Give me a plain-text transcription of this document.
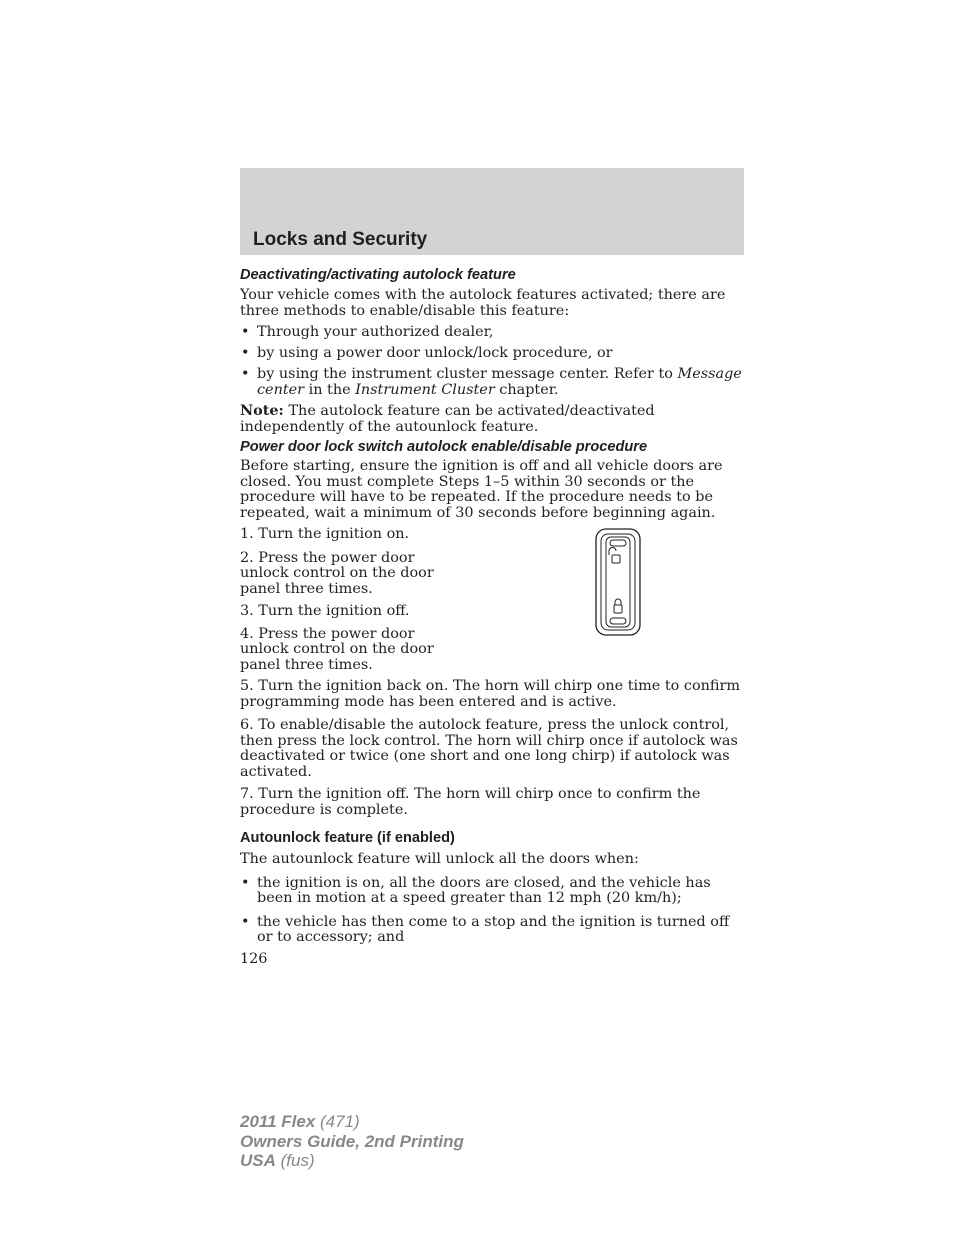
Locks and Security
Deactivating/activating autolock feature

Your vehicle comes with the autolock features activated; there are three methods to enable/disable this feature:

• Through your authorized dealer,
• by using a power door unlock/lock procedure, or
• by using the instrument cluster message center. Refer to Message center in the Instrument Cluster chapter.

Note: The autolock feature can be activated/deactivated independently of the autounlock feature.

Power door lock switch autolock enable/disable procedure

Before starting, ensure the ignition is off and all vehicle doors are closed. You must complete Steps 1–5 within 30 seconds or the procedure will have to be repeated. If the procedure needs to be repeated, wait a minimum of 30 seconds before beginning again.

1. Turn the ignition on.

2. Press the power door unlock control on the door panel three times.

3. Turn the ignition off.

4. Press the power door unlock control on the door panel three times.

5. Turn the ignition back on. The horn will chirp one time to confirm programming mode has been entered and is active.

6. To enable/disable the autolock feature, press the unlock control, then press the lock control. The horn will chirp once if autolock was deactivated or twice (one short and one long chirp) if autolock was activated.

7. Turn the ignition off. The horn will chirp once to confirm the procedure is complete.

Autounlock feature (if enabled)

The autounlock feature will unlock all the doors when:

• the ignition is on, all the doors are closed, and the vehicle has been in motion at a speed greater than 12 mph (20 km/h);
• the vehicle has then come to a stop and the ignition is turned off or to accessory; and

126

2011 Flex (471)
Owners Guide, 2nd Printing
USA (fus)
